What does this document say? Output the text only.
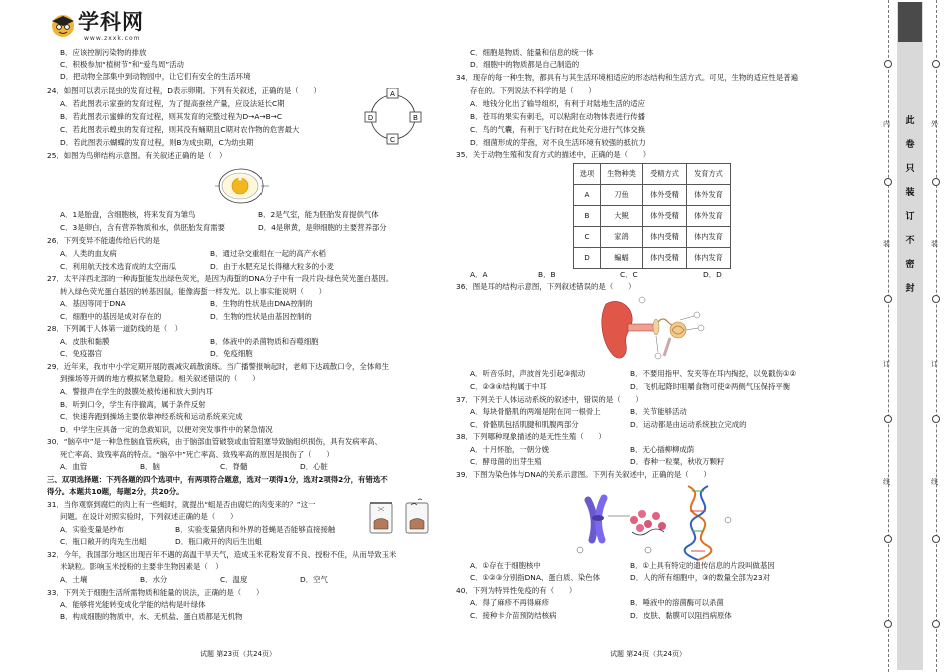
学科网
www.zxxk.com
B．应该控制污染物的排放
C．积极参加“植树节”和“爱鸟周”活动
D．把动物全部集中到动物园中，让它们有安全的生活环境
24．如图可以表示昆虫的发育过程，D表示卵期。下列有关叙述，正确的是（　　）
A．若此图表示家蚕的发育过程，为了提高蚕丝产量，应设法延长C期
B．若此图表示蜜蜂的发育过程，则其发育的完整过程为D→A→B→C
C．若此图表示蝗虫的发育过程，则其没有蛹期且C期对农作物的危害最大
D．若此图表示蝴蝶的发育过程，则B为成虫期，C为幼虫期
A
B
C
D
25．如图为鸟卵结构示意图。有关叙述正确的是（　）
A．1是胎盘，含细胞核，将来发育为雏鸟	B．2是气室，能为胚胎发育提供气体
C．3是卵白，含有营养物质和水，供胚胎发育需要	D．4是卵黄，是卵细胞的主要营养部分
26．下列变异不能遗传给后代的是
A．人类的血友病	B．通过杂交重组在一起的高产水稻
C．利用航天技术选育成的太空南瓜	D．由于水肥充足长得穗大粒多的小麦
27．太平洋西北部的一种海蜇能发出绿色荧光，是因为海蜇的DNA分子中有一段片段-绿色荧光蛋白基因。
转入绿色荧光蛋白基因的转基因鼠，能像海蜇一样发光。以上事实能说明（　　）
A．基因等同于DNA	B．生物的性状是由DNA控制的
C．细胞中的基因是成对存在的	D．生物的性状是由基因控制的
28．下列属于人体第一道防线的是（　）
A．皮肤和黏膜	B．体液中的杀菌物质和吞噬细胞
C．免疫器官	D．免疫细胞
29．近年来，我市中小学定期开展防震减灾疏散演练。当广播警报响起时，老师下达疏散口令，全体师生
到操场等开阔的地方模拟紧急避险。相关叙述错误的（　　）
A．警报声在学生的鼓膜处被传递和放大到内耳
B．听到口令，学生有序撤离，属于条件反射
C．快速奔跑到操场主要依靠神经系统和运动系统来完成
D．中学生应具备一定的急救知识，以便对突发事件中的紧急情况
30．“脑卒中”是一种急性脑血管疾病，由于脑部血管破裂或血管阻塞导致脑组织损伤，具有发病率高、
死亡率高、致残率高的特点。“脑卒中”死亡率高、致残率高的原因是损伤了（　　）
A．血管	B．脑	C．脊髓	D．心脏
三、双项选择题：下列各题的四个选项中，有两项符合题意，选对一项得1分，选对2项得2分，有错选不
得分。本题共10题，每题2分，共20分。
31．当你观察到腐烂的肉上有一些蛆时，就提出“蛆是否由腐烂的肉变来的？”这一
问题。在设计对照实验时，下列叙述正确的是（　　）
A．实验变量是纱布	B．实验变量猪肉和外界的苍蝇是否能够直接接触
C．瓶口敞开的肉先生出蛆	D．瓶口敞开的肉后生出蛆
32．今年，我国部分地区出现百年不遇的高温干旱天气，造成玉米花粉发育不良、授粉不佳，从而导致玉米
米缺粒。影响玉米授粉的主要非生物因素是（　）
A．土壤	B．水分	C．温度	D．空气
33．下列关于细胞生活所需物质和能量的说法，正确的是（　　）
A．能够将光能转变成化学能的结构是叶绿体
B．构成细胞的物质中，水、无机盐、蛋白质都是无机物
试题 第23页（共24页）
C．细胞是物质、能量和信息的统一体
D．细胞中的物质都是自己制造的
34．现存的每一种生物，都具有与其生活环境相适应的形态结构和生活方式。可见，生物的适应性是普遍
存在的。下列说法不科学的是（　　）
A．地钱分化出了输导组织，有利于对陆地生活的适应
B．苍耳的果实有刺毛，可以粘附在动物体表进行传播
C．鸟的气囊，有利于飞行时在此处充分进行气体交换
D．细菌形成的芽孢，对不良生活环境有较强的抵抗力
35．关于动物生殖和发育方式的描述中，正确的是（　　）
选项	生物种类	受精方式	发育方式
A	刀鱼	体外受精	体外发育
B	大鲵	体外受精	体外发育
C	家鸽	体内受精	体内发育
D	蝙蝠	体内受精	体内发育
A．A	B．B	C．C	D．D
36．图是耳的结构示意图，下列叙述错误的是（　　）
A．听音乐时，声波首先引起③振动	B．不要用指甲、发夹等在耳内掏挖，以免戳伤①②
C．②③④结构属于中耳	D．飞机起降时咀嚼食物可使②两侧气压保持平衡
37．下列关于人体运动系统的叙述中，错误的是（　　）
A．每块骨骼肌的两端是附在同一根骨上	B．关节能够活动
C．骨骼肌包括肌腱和肌腹两部分	D．运动都是由运动系统独立完成的
38．下列哪种现象描述的是无性生殖（　　）
A．十月怀胎，一朝分娩	B．无心插柳柳成荫
C．酵母菌的出芽生殖	D．春种一粒粟，秋收万颗籽
39．下图为染色体与DNA的关系示意图。下列有关叙述中，正确的是（　　）
A．①存在于细胞核中	B．①上具有特定的遗传信息的片段叫做基因
C．①②③分别指DNA、蛋白质、染色体	D．人的所有细胞中，③的数量全部为23对
40．下列为特异性免疫的有（　　）
A．得了麻疹不再得麻疹	B．唾液中的溶菌酶可以杀菌
C．接种卡介苗预防结核病	D．皮肤、黏膜可以阻挡病原体
试题 第24页（共24页）
内
装
订
线
外
装
订
线
此
卷
只
装
订
不
密
封
